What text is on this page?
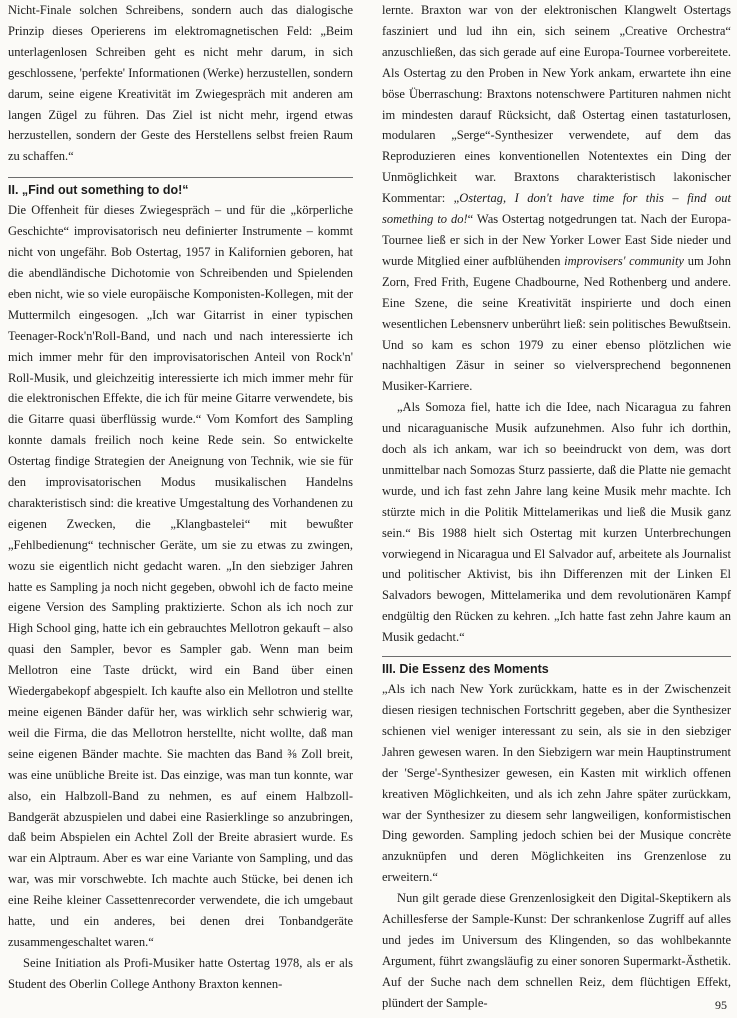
Nicht-Finale solchen Schreibens, sondern auch das dialogische Prinzip dieses Operierens im elektromagnetischen Feld: „Beim unterlagenlosen Schreiben geht es nicht mehr darum, in sich geschlossene, 'perfekte' Informationen (Werke) herzustellen, sondern darum, seine eigene Kreativität im Zwiegespräch mit anderen am langen Zügel zu führen. Das Ziel ist nicht mehr, irgend etwas herzustellen, sondern der Geste des Herstellens selbst freien Raum zu schaffen.“

II. „Find out something to do!“

Die Offenheit für dieses Zwiegespräch – und für die „körperliche Geschichte“ improvisatorisch neu definierter Instrumente – kommt nicht von ungefähr. Bob Ostertag, 1957 in Kalifornien geboren, hat die abendländische Dichotomie von Schreibenden und Spielenden eben nicht, wie so viele europäische Komponisten-Kollegen, mit der Muttermilch eingesogen. „Ich war Gitarrist in einer typischen Teenager-Rock'n'Roll-Band, und nach und nach interessierte ich mich immer mehr für den improvisatorischen Anteil von Rock'n' Roll-Musik, und gleichzeitig interessierte ich mich immer mehr für die elektronischen Effekte, die ich für meine Gitarre verwendete, bis die Gitarre quasi überflüssig wurde.“ Vom Komfort des Sampling konnte damals freilich noch keine Rede sein. So entwickelte Ostertag findige Strategien der Aneignung von Technik, wie sie für den improvisatorischen Modus musikalischen Handelns charakteristisch sind: die kreative Umgestaltung des Vorhandenen zu eigenen Zwecken, die „Klangbastelei“ mit bewußter „Fehlbedienung“ technischer Geräte, um sie zu etwas zu zwingen, wozu sie eigentlich nicht gedacht waren. „In den siebziger Jahren hatte es Sampling ja noch nicht gegeben, obwohl ich de facto meine eigene Version des Sampling praktizierte. Schon als ich noch zur High School ging, hatte ich ein gebrauchtes Mellotron gekauft – also quasi den Sampler, bevor es Sampler gab. Wenn man beim Mellotron eine Taste drückt, wird ein Band über einen Wiedergabekopf abgespielt. Ich kaufte also ein Mellotron und stellte meine eigenen Bänder dafür her, was wirklich sehr schwierig war, weil die Firma, die das Mellotron herstellte, nicht wollte, daß man seine eigenen Bänder machte. Sie machten das Band ⅜ Zoll breit, was eine unübliche Breite ist. Das einzige, was man tun konnte, war also, ein Halbzoll-Band zu nehmen, es auf einem Halbzoll-Bandgerät abzuspielen und dabei eine Rasierklinge so anzubringen, daß beim Abspielen ein Achtel Zoll der Breite abrasiert wurde. Es war ein Alptraum. Aber es war eine Variante von Sampling, und das war, was mir vorschwebte. Ich machte auch Stücke, bei denen ich eine Reihe kleiner Cassettenrecorder verwendete, die ich umgebaut hatte, und ein anderes, bei denen drei Tonbandgeräte zusammengeschaltet waren.“

Seine Initiation als Profi-Musiker hatte Ostertag 1978, als er als Student des Oberlin College Anthony Braxton kennen-

lernte. Braxton war von der elektronischen Klangwelt Ostertags fasziniert und lud ihn ein, sich seinem „Creative Orchestra“ anzuschließen, das sich gerade auf eine Europa-Tournee vorbereitete. Als Ostertag zu den Proben in New York ankam, erwartete ihn eine böse Überraschung: Braxtons notenschwere Partituren nahmen nicht im mindesten darauf Rücksicht, daß Ostertag einen tastaturlosen, modularen „Serge“-Synthesizer verwendete, auf dem das Reproduzieren eines konventionellen Notentextes ein Ding der Unmöglichkeit war. Braxtons charakteristisch lakonischer Kommentar: „Ostertag, I don't have time for this – find out something to do!“ Was Ostertag notgedrungen tat. Nach der Europa-Tournee ließ er sich in der New Yorker Lower East Side nieder und wurde Mitglied einer aufblühenden improvisers' community um John Zorn, Fred Frith, Eugene Chadbourne, Ned Rothenberg und andere. Eine Szene, die seine Kreativität inspirierte und doch einen wesentlichen Lebensnerv unberührt ließ: sein politisches Bewußtsein. Und so kam es schon 1979 zu einer ebenso plötzlichen wie nachhaltigen Zäsur in seiner so vielversprechend begonnenen Musiker-Karriere.

„Als Somoza fiel, hatte ich die Idee, nach Nicaragua zu fahren und nicaraguanische Musik aufzunehmen. Also fuhr ich dorthin, doch als ich ankam, war ich so beeindruckt von dem, was dort unmittelbar nach Somozas Sturz passierte, daß die Platte nie gemacht wurde, und ich fast zehn Jahre lang keine Musik mehr machte. Ich stürzte mich in die Politik Mittelamerikas und ließ die Musik ganz sein.“ Bis 1988 hielt sich Ostertag mit kurzen Unterbrechungen vorwiegend in Nicaragua und El Salvador auf, arbeitete als Journalist und politischer Aktivist, bis ihn Differenzen mit der Linken El Salvadors bewogen, Mittelamerika und dem revolutionären Kampf endgültig den Rücken zu kehren. „Ich hatte fast zehn Jahre kaum an Musik gedacht.“

III. Die Essenz des Moments

„Als ich nach New York zurückkam, hatte es in der Zwischenzeit diesen riesigen technischen Fortschritt gegeben, aber die Synthesizer schienen viel weniger interessant zu sein, als sie in den siebziger Jahren gewesen waren. In den Siebzigern war mein Hauptinstrument der 'Serge'-Synthesizer gewesen, ein Kasten mit wirklich offenen kreativen Möglichkeiten, und als ich zehn Jahre später zurückkam, war der Synthesizer zu diesem sehr langweiligen, konformistischen Ding geworden. Sampling jedoch schien bei der Musique concrète anzuknüpfen und deren Möglichkeiten ins Grenzenlose zu erweitern.“

Nun gilt gerade diese Grenzenlosigkeit den Digital-Skeptikern als Achillesferse der Sample-Kunst: Der schrankenlose Zugriff auf alles und jedes im Universum des Klingenden, so das wohlbekannte Argument, führt zwangsläufig zu einer sonoren Supermarkt-Ästhetik. Auf der Suche nach dem schnellen Reiz, dem flüchtigen Effekt, plündert der Sample-	95
